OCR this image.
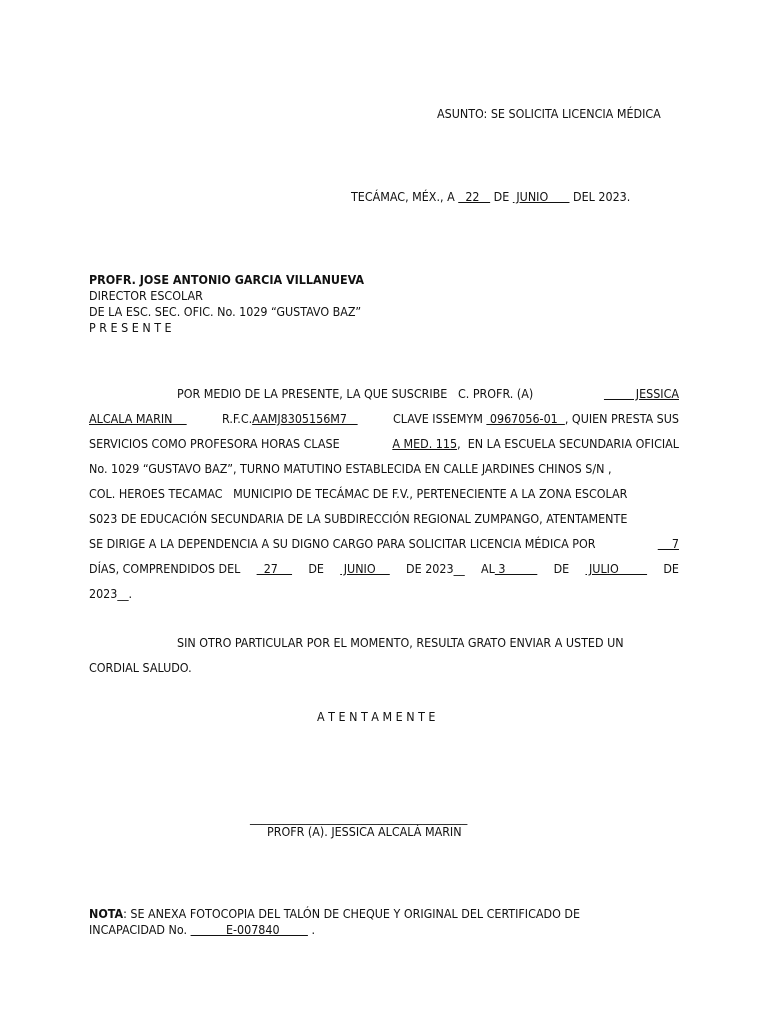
ASUNTO: SE SOLICITA LICENCIA MÉDICA
TECÁMAC, MÉX., A   22    DE  JUNIO       DEL 2023.
PROFR. JOSE ANTONIO GARCIA VILLANUEVA
DIRECTOR ESCOLAR
DE LA ESC. SEC. OFIC. No. 1029 “GUSTAVO BAZ”
P R E S E N T E
POR MEDIO DE LA PRESENTE, LA QUE SUSCRIBE   C. PROFR. (A)	JESSICA
ALCALA MARIN	R.F.C.AAMJ8305156M7	CLAVE ISSEMYM  0967056-01  , QUIEN PRESTA SUS
SERVICIOS COMO PROFESORA HORAS CLASE	A MED. 115,  EN LA ESCUELA SECUNDARIA OFICIAL
No. 1029 “GUSTAVO BAZ”, TURNO MATUTINO ESTABLECIDA EN CALLE JARDINES CHINOS S/N ,
COL. HEROES TECAMAC   MUNICIPIO DE TECÁMAC DE F.V., PERTENECIENTE A LA ZONA ESCOLAR
S023 DE EDUCACIÓN SECUNDARIA DE LA SUBDIRECCIÓN REGIONAL ZUMPANGO, ATENTAMENTE
SE DIRIGE A LA DEPENDENCIA A SU DIGNO CARGO PARA SOLICITAR LICENCIA MÉDICA POR	7
DÍAS, COMPRENDIDOS DEL 27 DE JUNIO DE 2023__ AL 3 DE JULIO DE
2023__.
SIN OTRO PARTICULAR POR EL MOMENTO, RESULTA GRATO ENVIAR A USTED UN
CORDIAL SALUDO.
A T E N T A M E N T E
_______________________________________
PROFR (A). JESSICA ALCALÁ MARIN
NOTA: SE ANEXA FOTOCOPIA DEL TALÓN DE CHEQUE Y ORIGINAL DEL CERTIFICADO DE
INCAPACIDAD No.           E-007840         .
